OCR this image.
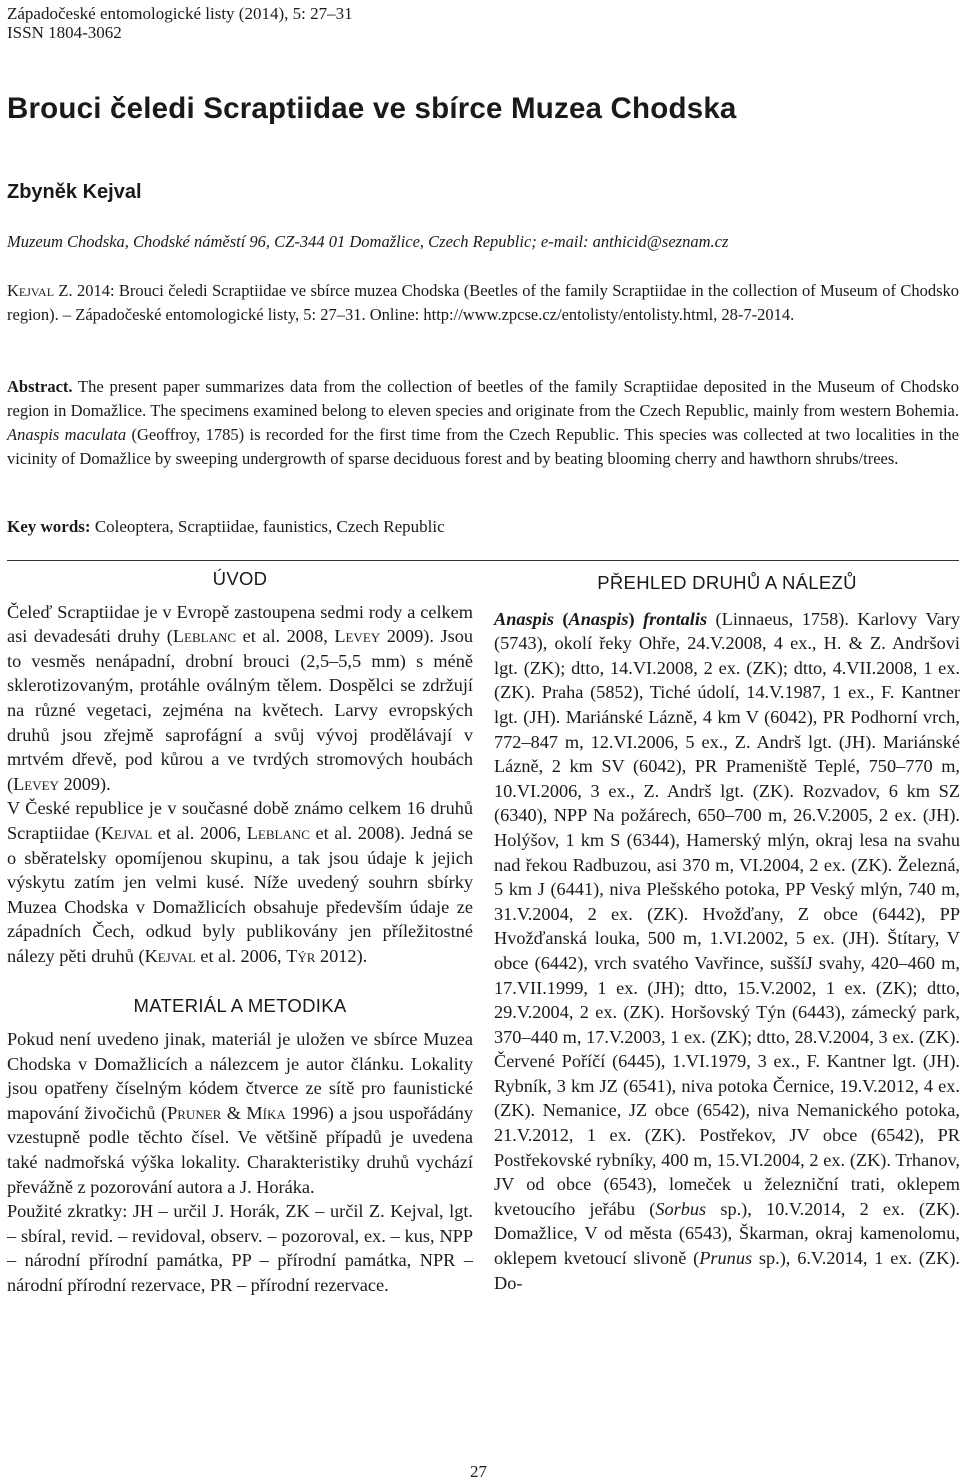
Západočeské entomologické listy (2014), 5: 27–31
ISSN 1804-3062
Brouci čeledi Scraptiidae ve sbírce Muzea Chodska
Zbyněk Kejval
Muzeum Chodska, Chodské náměstí 96, CZ-344 01 Domažlice, Czech Republic; e-mail: anthicid@seznam.cz
Kejval Z. 2014: Brouci čeledi Scraptiidae ve sbírce muzea Chodska (Beetles of the family Scraptiidae in the collection of Museum of Chodsko region). – Západočeské entomologické listy, 5: 27–31. Online: http://www.zpcse.cz/entolisty/entolisty.html, 28-7-2014.
Abstract. The present paper summarizes data from the collection of beetles of the family Scraptiidae deposited in the Museum of Chodsko region in Domažlice. The specimens examined belong to eleven species and originate from the Czech Republic, mainly from western Bohemia. Anaspis maculata (Geoffroy, 1785) is recorded for the first time from the Czech Republic. This species was collected at two localities in the vicinity of Domažlice by sweeping undergrowth of sparse deciduous forest and by beating blooming cherry and hawthorn shrubs/trees.
Key words: Coleoptera, Scraptiidae, faunistics, Czech Republic
ÚVOD

Čeleď Scraptiidae je v Evropě zastoupena sedmi rody a celkem asi devadesáti druhy (Leblanc et al. 2008, Levey 2009). Jsou to vesměs nenápadní, drobní brouci (2,5–5,5 mm) s méně sklerotizovaným, protáhle oválným tělem. Dospělci se zdržují na různé vegetaci, zejména na květech. Larvy evropských druhů jsou zřejmě saprofágní a svůj vývoj prodělávají v mrtvém dřevě, pod kůrou a ve tvrdých stromových houbách (Levey 2009).

V České republice je v současné době známo celkem 16 druhů Scraptiidae (Kejval et al. 2006, Leblanc et al. 2008). Jedná se o sběratelsky opomíjenou skupinu, a tak jsou údaje k jejich výskytu zatím jen velmi kusé. Níže uvedený souhrn sbírky Muzea Chodska v Domažlicích obsahuje především údaje ze západních Čech, odkud byly publikovány jen příležitostné nálezy pěti druhů (Kejval et al. 2006, Týr 2012).

MATERIÁL A METODIKA

Pokud není uvedeno jinak, materiál je uložen ve sbírce Muzea Chodska v Domažlicích a nálezcem je autor článku. Lokality jsou opatřeny číselným kódem čtverce ze sítě pro faunistické mapování živočichů (Pruner & Míka 1996) a jsou uspořádány vzestupně podle těchto čísel. Ve většině případů je uvedena také nadmořská výška lokality. Charakteristiky druhů vychází převážně z pozorování autora a J. Horáka.

Použité zkratky: JH – určil J. Horák, ZK – určil Z. Kejval, lgt. – sbíral, revid. – revidoval, observ. – pozoroval, ex. – kus, NPP – národní přírodní památka, PP – přírodní památka, NPR – národní přírodní rezervace, PR – přírodní rezervace.

PŘEHLED DRUHŮ A NÁLEZŮ

Anaspis (Anaspis) frontalis (Linnaeus, 1758). Karlovy Vary (5743), okolí řeky Ohře, 24.V.2008, 4 ex., H. & Z. Andršovi lgt. (ZK); dtto, 14.VI.2008, 2 ex. (ZK); dtto, 4.VII.2008, 1 ex. (ZK). Praha (5852), Tiché údolí, 14.V.1987, 1 ex., F. Kantner lgt. (JH). Mariánské Lázně, 4 km V (6042), PR Podhorní vrch, 772–847 m, 12.VI.2006, 5 ex., Z. Andrš lgt. (JH). Mariánské Lázně, 2 km SV (6042), PR Prameniště Teplé, 750–770 m, 10.VI.2006, 3 ex., Z. Andrš lgt. (ZK). Rozvadov, 6 km SZ (6340), NPP Na požárech, 650–700 m, 26.V.2005, 2 ex. (JH). Holýšov, 1 km S (6344), Hamerský mlýn, okraj lesa na svahu nad řekou Radbuzou, asi 370 m, VI.2004, 2 ex. (ZK). Železná, 5 km J (6441), niva Plešského potoka, PP Veský mlýn, 740 m, 31.V.2004, 2 ex. (ZK). Hvožďany, Z obce (6442), PP Hvožďanská louka, 500 m, 1.VI.2002, 5 ex. (JH). Štítary, V obce (6442), vrch svatého Vavřince, suššíJ svahy, 420–460 m, 17.VII.1999, 1 ex. (JH); dtto, 15.V.2002, 1 ex. (ZK); dtto, 29.V.2004, 2 ex. (ZK). Horšovský Týn (6443), zámecký park, 370–440 m, 17.V.2003, 1 ex. (ZK); dtto, 28.V.2004, 3 ex. (ZK). Červené Poříčí (6445), 1.VI.1979, 3 ex., F. Kantner lgt. (JH). Rybník, 3 km JZ (6541), niva potoka Černice, 19.V.2012, 4 ex. (ZK). Nemanice, JZ obce (6542), niva Nemanického potoka, 21.V.2012, 1 ex. (ZK). Postřekov, JV obce (6542), PR Postřekovské rybníky, 400 m, 15.VI.2004, 2 ex. (ZK). Trhanov, JV od obce (6543), lomeček u železniční trati, oklepem kvetoucího jeřábu (Sorbus sp.), 10.V.2014, 2 ex. (ZK). Domažlice, V od města (6543), Škarman, okraj kamenolomu, oklepem kvetoucí slivoně (Prunus sp.), 6.V.2014, 1 ex. (ZK). Do-

27
